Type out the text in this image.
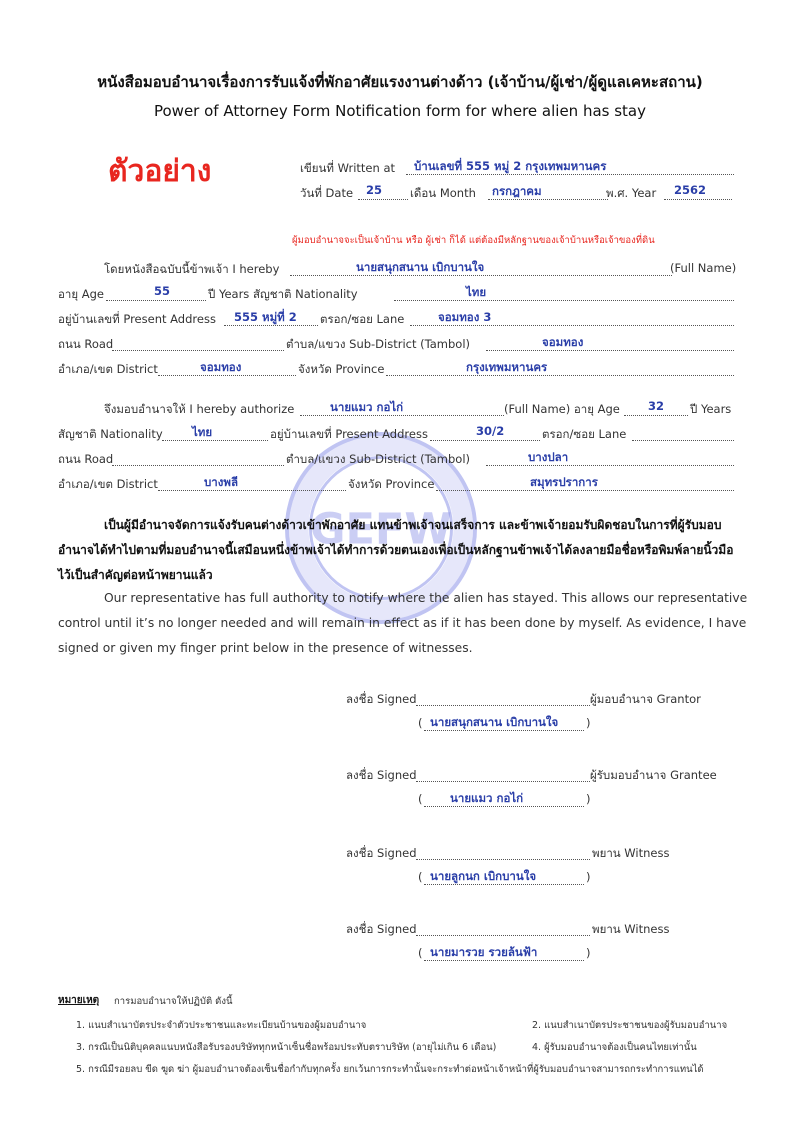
GEFW
หนังสือมอบอำนาจเรื่องการรับแจ้งที่พักอาศัยแรงงานต่างด้าว (เจ้าบ้าน/ผู้เช่า/ผู้ดูแลเคหะสถาน)
Power of Attorney Form Notification form for where alien has stay
ตัวอย่าง	เขียนที่ Written at บ้านเลขที่ 555 หมู่ 2 กรุงเทพมหานคร
วันที่ Date 25 เดือน Month กรกฎาคม	พ.ศ. Year 2562
ผู้มอบอำนาจจะเป็นเจ้าบ้าน หรือ ผู้เช่า ก็ได้ แต่ต้องมีหลักฐานของเจ้าบ้านหรือเจ้าของที่ดิน
โดยหนังสือฉบับนี้ข้าพเจ้า I hereby	นายสนุกสนาน เบิกบานใจ	(Full Name)
อายุ Age	55	ปี Years สัญชาติ Nationality	ไทย
อยู่บ้านเลขที่ Present Address 555 หมู่ที่ 2 ตรอก/ซอย Lane	จอมทอง 3
ถนน Road	ตำบล/แขวง Sub-District (Tambol)	จอมทอง
อำเภอ/เขต District	จอมทอง	จังหวัด Province	กรุงเทพมหานคร
จึงมอบอำนาจให้ I hereby authorize	นายแมว กอไก่	(Full Name) อายุ Age 32 ปี Years
สัญชาติ Nationality	ไทย	อยู่บ้านเลขที่ Present Address	30/2	ตรอก/ซอย Lane
ถนน Road	ตำบล/แขวง Sub-District (Tambol)	บางปลา
อำเภอ/เขต District	บางพลี	จังหวัด Province	สมุทรปราการ
เป็นผู้มีอำนาจจัดการแจ้งรับคนต่างด้าวเข้าพักอาศัย แทนข้าพเจ้าจนเสร็จการ และข้าพเจ้ายอมรับผิดชอบในการที่ผู้รับมอบ
อำนาจได้ทำไปตามที่มอบอำนาจนี้เสมือนหนึ่งข้าพเจ้าได้ทำการด้วยตนเองเพื่อเป็นหลักฐานข้าพเจ้าได้ลงลายมือชื่อหรือพิมพ์ลายนิ้วมือ
ไว้เป็นสำคัญต่อหน้าพยานแล้ว
Our representative has full authority to notify where the alien has stayed. This allows our representative
control until it’s no longer needed and will remain in effect as if it has been done by myself. As evidence, I have
signed or given my finger print below in the presence of witnesses.
ลงชื่อ Signed	ผู้มอบอำนาจ Grantor
( นายสนุกสนาน เบิกบานใจ )
ลงชื่อ Signed	ผู้รับมอบอำนาจ Grantee
( นายแมว กอไก่	)
ลงชื่อ Signed	พยาน Witness
( นายลูกนก เบิกบานใจ	)
ลงชื่อ Signed	พยาน Witness
( นายมารวย รวยล้นฟ้า	)
หมายเหตุ การมอบอำนาจให้ปฏิบัติ ดังนี้
1. แนบสำเนาบัตรประจำตัวประชาชนและทะเบียนบ้านของผู้มอบอำนาจ	2. แนบสำเนาบัตรประชาชนของผู้รับมอบอำนาจ
3. กรณีเป็นนิติบุคคลแนบหนังสือรับรองบริษัททุกหน้าเซ็นชื่อพร้อมประทับตราบริษัท (อายุไม่เกิน 6 เดือน)	4. ผู้รับมอบอำนาจต้องเป็นคนไทยเท่านั้น
5. กรณีมีรอยลบ ขีด ฆูด ฆ่า ผู้มอบอำนาจต้องเซ็นชื่อกำกับทุกครั้ง ยกเว้นการกระทำนั้นจะกระทำต่อหน้าเจ้าหน้าที่ผู้รับมอบอำนาจสามารถกระทำการแทนได้
